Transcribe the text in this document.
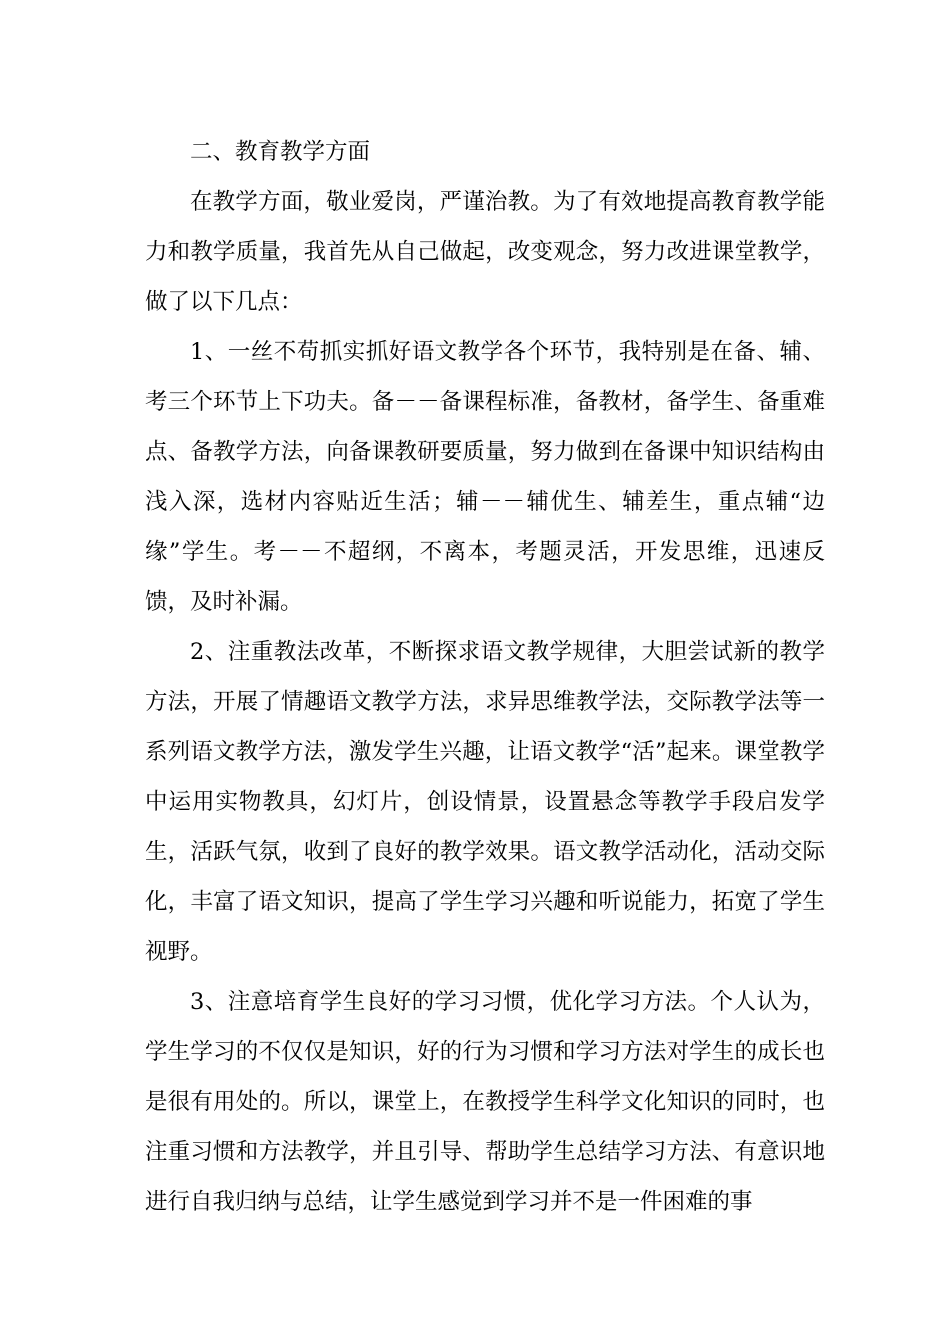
二、教育教学方面

在教学方面，敬业爱岗，严谨治教。为了有效地提高教育教学能力和教学质量，我首先从自己做起，改变观念，努力改进课堂教学，做了以下几点：

1、一丝不苟抓实抓好语文教学各个环节，我特别是在备、辅、考三个环节上下功夫。备－－备课程标准，备教材，备学生、备重难点、备教学方法，向备课教研要质量，努力做到在备课中知识结构由浅入深，选材内容贴近生活；辅－－辅优生、辅差生，重点辅“边缘”学生。考－－不超纲，不离本，考题灵活，开发思维，迅速反馈，及时补漏。

2、注重教法改革，不断探求语文教学规律，大胆尝试新的教学方法，开展了情趣语文教学方法，求异思维教学法，交际教学法等一系列语文教学方法，激发学生兴趣，让语文教学“活”起来。课堂教学中运用实物教具，幻灯片，创设情景，设置悬念等教学手段启发学生，活跃气氛，收到了良好的教学效果。语文教学活动化，活动交际化，丰富了语文知识，提高了学生学习兴趣和听说能力，拓宽了学生视野。

3、注意培育学生良好的学习习惯，优化学习方法。个人认为，学生学习的不仅仅是知识，好的行为习惯和学习方法对学生的成长也是很有用处的。所以，课堂上，在教授学生科学文化知识的同时，也注重习惯和方法教学，并且引导、帮助学生总结学习方法、有意识地进行自我归纳与总结，让学生感觉到学习并不是一件困难的事
